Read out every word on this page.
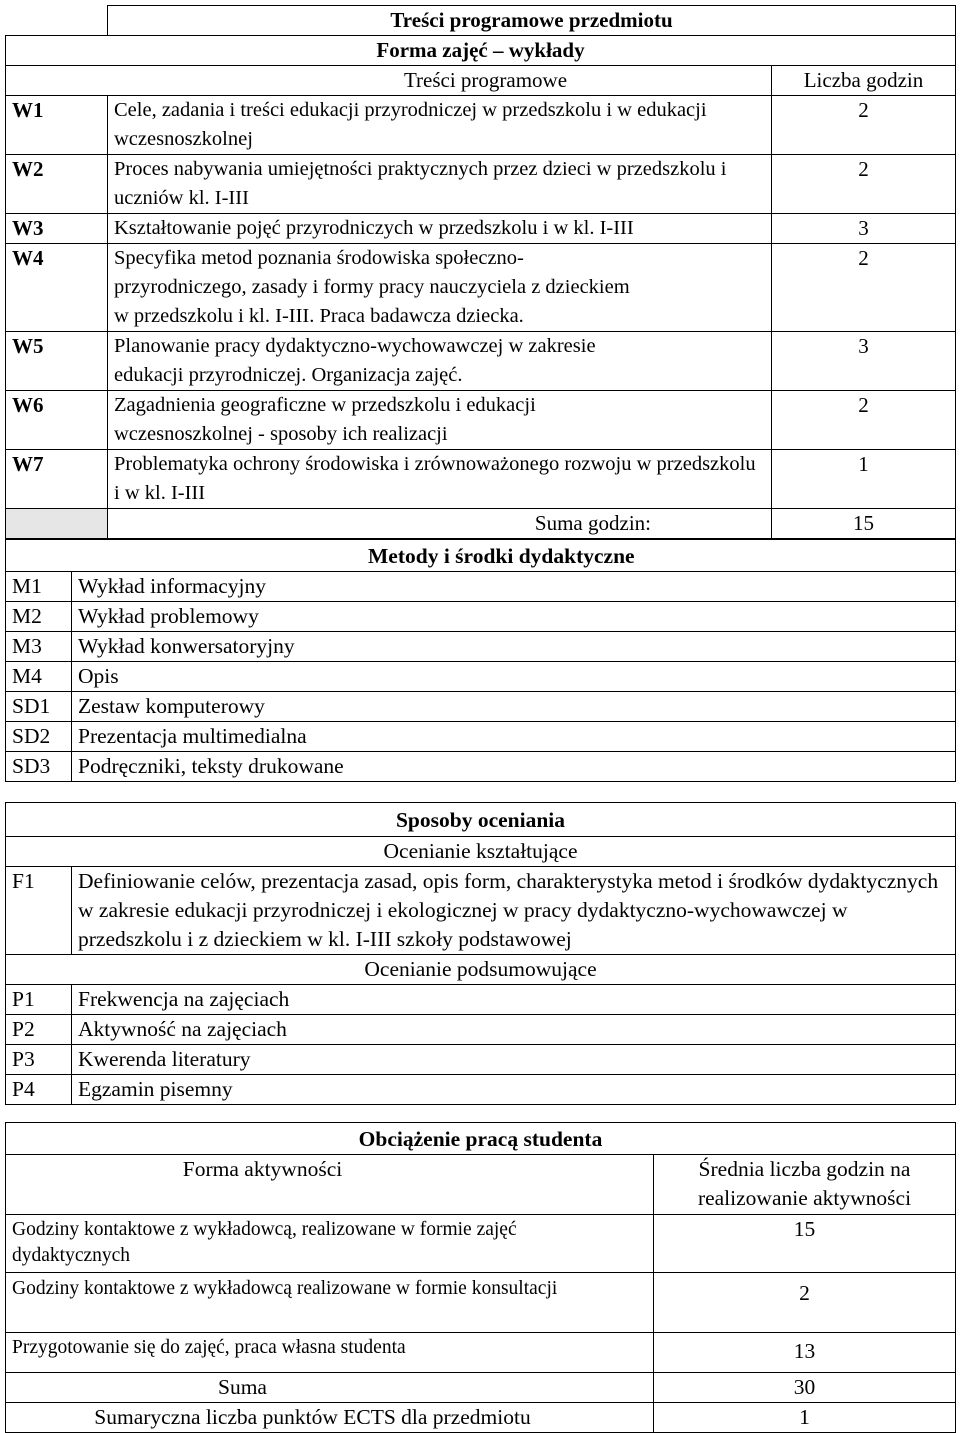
	Treści programowe przedmiotu	
Forma zajęć – wykłady		
Treści programowe		Liczba godzin
W1	Cele, zadania i treści edukacji przyrodniczej w przedszkolu i w edukacji wczesnoszkolnej	2
W2	Proces nabywania umiejętności praktycznych przez dzieci w przedszkolu i uczniów kl. I-III	2
W3	Kształtowanie pojęć przyrodniczych w przedszkolu i w kl. I-III	3
W4	Specyfika metod poznania środowiska społeczno-przyrodniczego, zasady i formy pracy nauczyciela z dzieckiem w przedszkolu i kl. I-III. Praca badawcza dziecka.	2
W5	Planowanie pracy dydaktyczno-wychowawczej w zakresie edukacji przyrodniczej. Organizacja zajęć.	3
W6	Zagadnienia geograficzne w przedszkolu i edukacji wczesnoszkolnej - sposoby ich realizacji	2
W7	Problematyka ochrony środowiska i zrównoważonego rozwoju w przedszkolu i w kl. I-III	1
	Suma godzin:	15
Metody i środki dydaktyczne	
M1	Wykład informacyjny
M2	Wykład problemowy
M3	Wykład konwersatoryjny
M4	Opis
SD1	Zestaw komputerowy
SD2	Prezentacja multimedialna
SD3	Podręczniki, teksty drukowane
Sposoby oceniania	
Ocenianie kształtujące	
F1	Definiowanie celów, prezentacja zasad, opis form, charakterystyka metod i środków dydaktycznych w zakresie edukacji przyrodniczej i ekologicznej w pracy dydaktyczno-wychowawczej w przedszkolu i z dzieckiem w kl. I-III szkoły podstawowej
Ocenianie podsumowujące	
P1	Frekwencja na zajęciach
P2	Aktywność na zajęciach
P3	Kwerenda literatury
P4	Egzamin pisemny
Obciążenie pracą studenta	
Forma aktywności	Średnia liczba godzin na realizowanie aktywności
Godziny kontaktowe z wykładowcą, realizowane w formie zajęć dydaktycznych	15
Godziny kontaktowe z wykładowcą realizowane w formie konsultacji	2
Przygotowanie się do zajęć, praca własna studenta	13
Suma	30
Sumaryczna liczba punktów ECTS dla przedmiotu	1
